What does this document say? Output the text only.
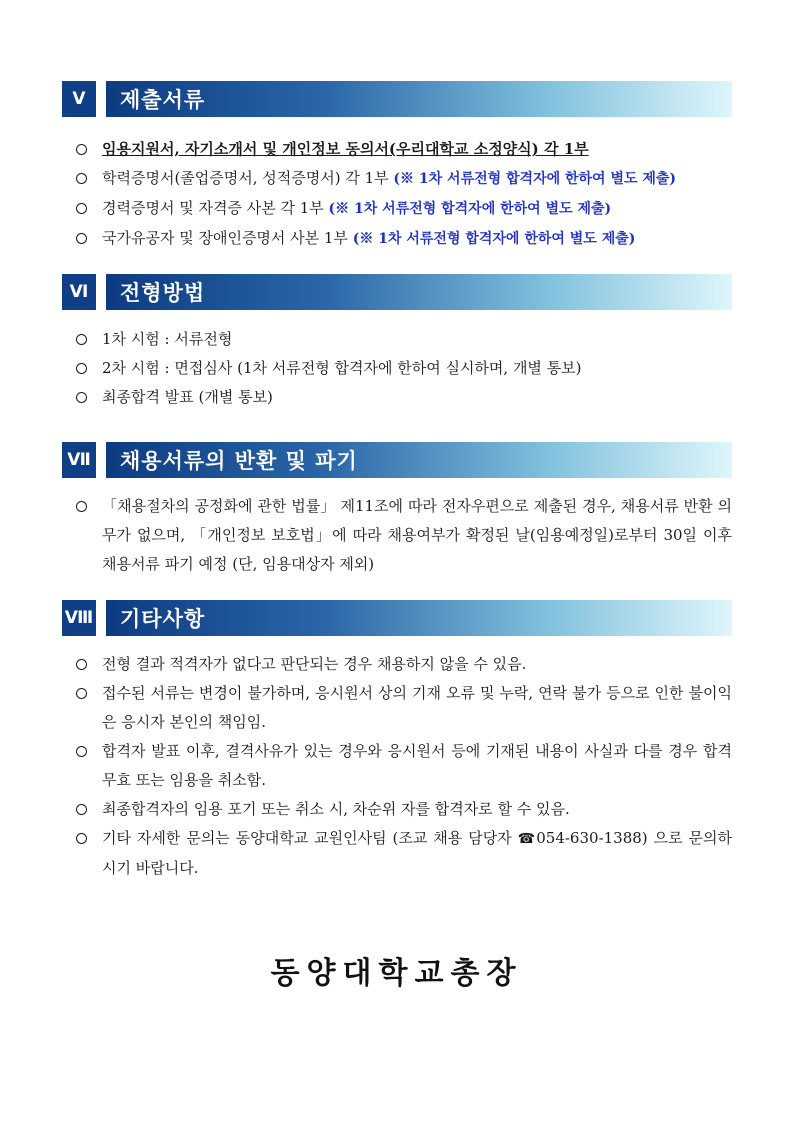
Ⅴ	제출서류
임용지원서, 자기소개서 및 개인정보 동의서(우리대학교 소정양식) 각 1부
학력증명서(졸업증명서, 성적증명서) 각 1부 (※ 1차 서류전형 합격자에 한하여 별도 제출)
경력증명서 및 자격증 사본 각 1부 (※ 1차 서류전형 합격자에 한하여 별도 제출)
국가유공자 및 장애인증명서 사본 1부 (※ 1차 서류전형 합격자에 한하여 별도 제출)
Ⅵ	전형방법
1차 시험 : 서류전형
2차 시험 : 면접심사 (1차 서류전형 합격자에 한하여 실시하며, 개별 통보)
최종합격 발표 (개별 통보)
Ⅶ 채용서류의 반환 및 파기
「채용절차의 공정화에 관한 법률」 제11조에 따라 전자우편으로 제출된 경우, 채용서류 반환 의무가 없으며, 「개인정보 보호법」에 따라 채용여부가 확정된 날(임용예정일)로부터 30일 이후 채용서류 파기 예정 (단, 임용대상자 제외)
Ⅷ 기타사항
전형 결과 적격자가 없다고 판단되는 경우 채용하지 않을 수 있음.
접수된 서류는 변경이 불가하며, 응시원서 상의 기재 오류 및 누락, 연락 불가 등으로 인한 불이익은 응시자 본인의 책임임.
합격자 발표 이후, 결격사유가 있는 경우와 응시원서 등에 기재된 내용이 사실과 다를 경우 합격 무효 또는 임용을 취소함.
최종합격자의 임용 포기 또는 취소 시, 차순위 자를 합격자로 할 수 있음.
기타 자세한 문의는 동양대학교 교원인사팀 (조교 채용 담당자 ☎054-630-1388) 으로 문의하시기 바랍니다.
동양대학교총장
